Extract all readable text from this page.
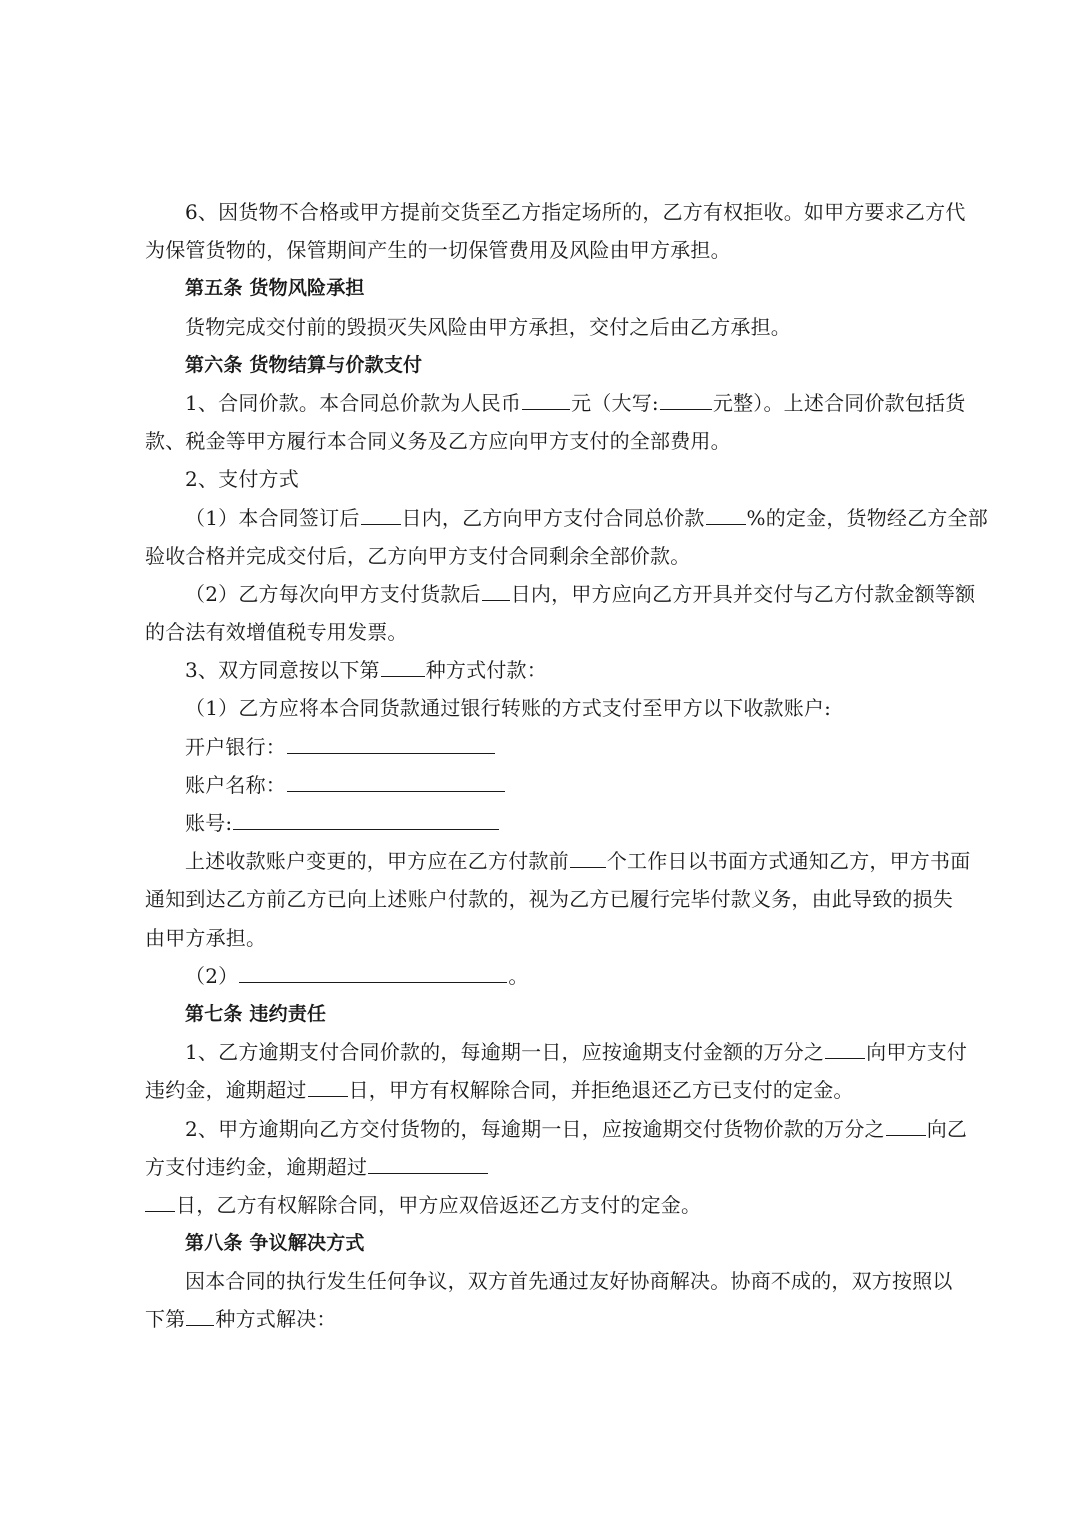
6、因货物不合格或甲方提前交货至乙方指定场所的，乙方有权拒收。如甲方要求乙方代
为保管货物的，保管期间产生的一切保管费用及风险由甲方承担。
第五条 货物风险承担
货物完成交付前的毁损灭失风险由甲方承担，交付之后由乙方承担。
第六条 货物结算与价款支付
1、合同价款。本合同总价款为人民币	元（大写:	元整）。上述合同价款包括货
款、税金等甲方履行本合同义务及乙方应向甲方支付的全部费用。
2、支付方式
（1）本合同签订后 日内，乙方向甲方支付合同总价款 %的定金，货物经乙方全部
验收合格并完成交付后，乙方向甲方支付合同剩余全部价款。
（2）乙方每次向甲方支付货款后 日内，甲方应向乙方开具并交付与乙方付款金额等额
的合法有效增值税专用发票。
3、双方同意按以下第 种方式付款：
（1）乙方应将本合同货款通过银行转账的方式支付至甲方以下收款账户:
开户银行：
账户名称：
账号:
上述收款账户变更的，甲方应在乙方付款前 个工作日以书面方式通知乙方，甲方书面
通知到达乙方前乙方已向上述账户付款的，视为乙方已履行完毕付款义务，由此导致的损失
由甲方承担。
（2）	。
第七条 违约责任
1、乙方逾期支付合同价款的，每逾期一日，应按逾期支付金额的万分之 向甲方支付
违约金，逾期超过 日，甲方有权解除合同，并拒绝退还乙方已支付的定金。
2、甲方逾期向乙方交付货物的，每逾期一日，应按逾期交付货物价款的万分之 向乙
方支付违约金，逾期超过
日，乙方有权解除合同，甲方应双倍返还乙方支付的定金。
第八条 争议解决方式
因本合同的执行发生任何争议，双方首先通过友好协商解决。协商不成的，双方按照以
下第 种方式解决：
